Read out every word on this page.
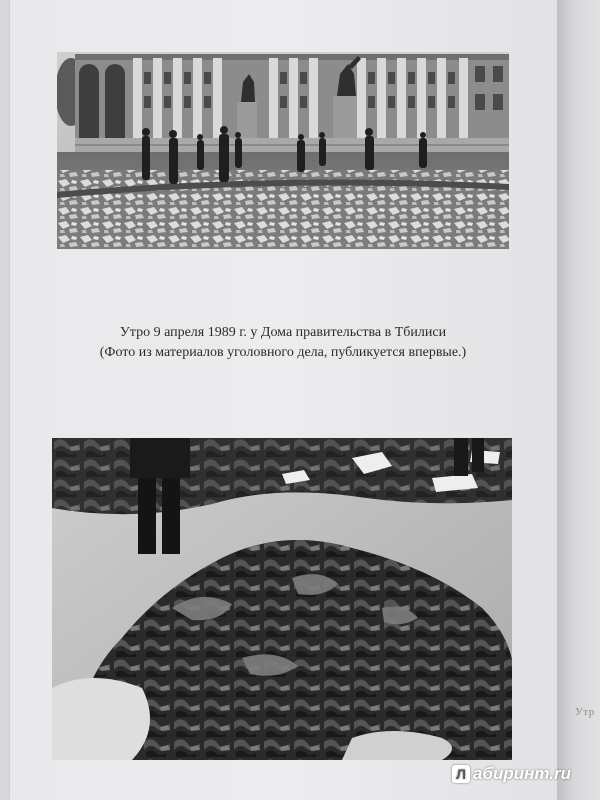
Утр
Утро 9 апреля 1989 г. у Дома правительства в Тбилиси
(Фото из материалов уголовного дела, публикуется впервые.)
Л абиринт.ru
